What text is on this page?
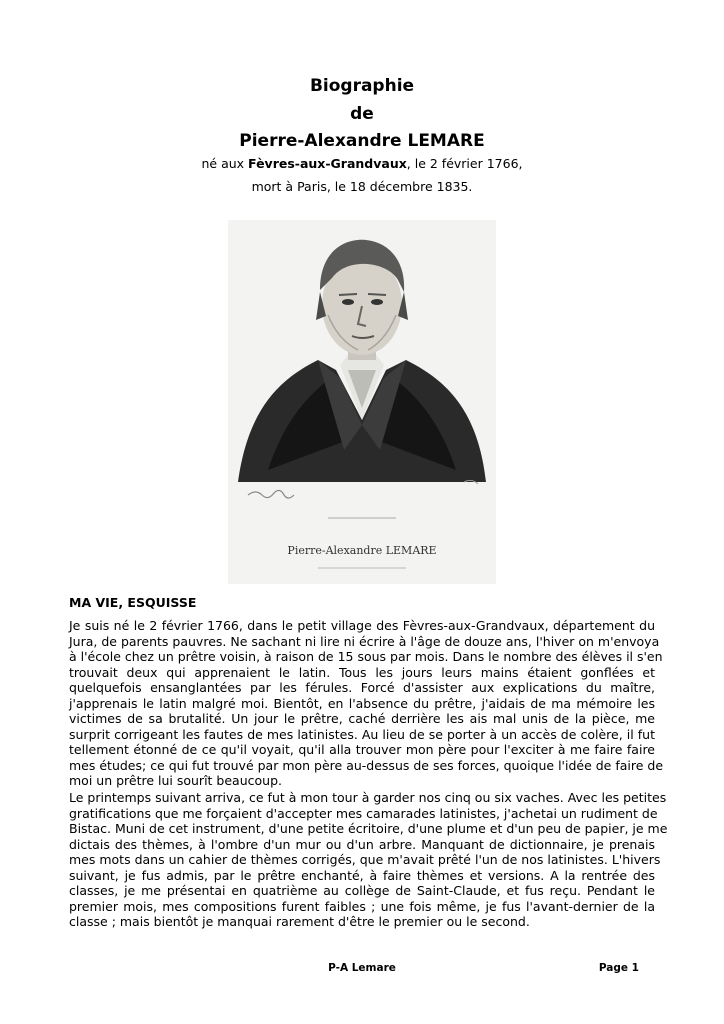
Biographie
de
Pierre-Alexandre LEMARE
né aux Fèvres-aux-Grandvaux, le 2 février 1766,
mort à Paris, le 18 décembre 1835.
Pierre-Alexandre LEMARE
MA VIE, ESQUISSE
Je suis né le 2 février 1766, dans le petit village des Fèvres-aux-Grandvaux, département du
Jura, de parents pauvres. Ne sachant ni lire ni écrire à l'âge de douze ans, l'hiver on m'envoya
à l'école chez un prêtre voisin, à raison de 15 sous par mois. Dans le nombre des élèves il s'en
trouvait deux qui apprenaient le latin. Tous les jours leurs mains étaient gonflées et
quelquefois ensanglantées par les férules. Forcé d'assister aux explications du maître,
j'apprenais le latin malgré moi. Bientôt, en l'absence du prêtre, j'aidais de ma mémoire les
victimes de sa brutalité. Un jour le prêtre, caché derrière les ais mal unis de la pièce, me
surprit corrigeant les fautes de mes latinistes. Au lieu de se porter à un accès de colère, il fut
tellement étonné de ce qu'il voyait, qu'il alla trouver mon père pour l'exciter à me faire faire
mes études; ce qui fut trouvé par mon père au-dessus de ses forces, quoique l'idée de faire de
moi un prêtre lui sourît beaucoup.
Le printemps suivant arriva, ce fut à mon tour à garder nos cinq ou six vaches. Avec les petites
gratifications que me forçaient d'accepter mes camarades latinistes, j'achetai un rudiment de
Bistac. Muni de cet instrument, d'une petite écritoire, d'une plume et d'un peu de papier, je me
dictais des thèmes, à l'ombre d'un mur ou d'un arbre. Manquant de dictionnaire, je prenais
mes mots dans un cahier de thèmes corrigés, que m'avait prêté l'un de nos latinistes. L'hivers
suivant, je fus admis, par le prêtre enchanté, à faire thèmes et versions. A la rentrée des
classes, je me présentai en quatrième au collège de Saint-Claude, et fus reçu. Pendant le
premier mois, mes compositions furent faibles ; une fois même, je fus l'avant-dernier de la
classe ; mais bientôt je manquai rarement d'être le premier ou le second.
P-A Lemare	Page 1
